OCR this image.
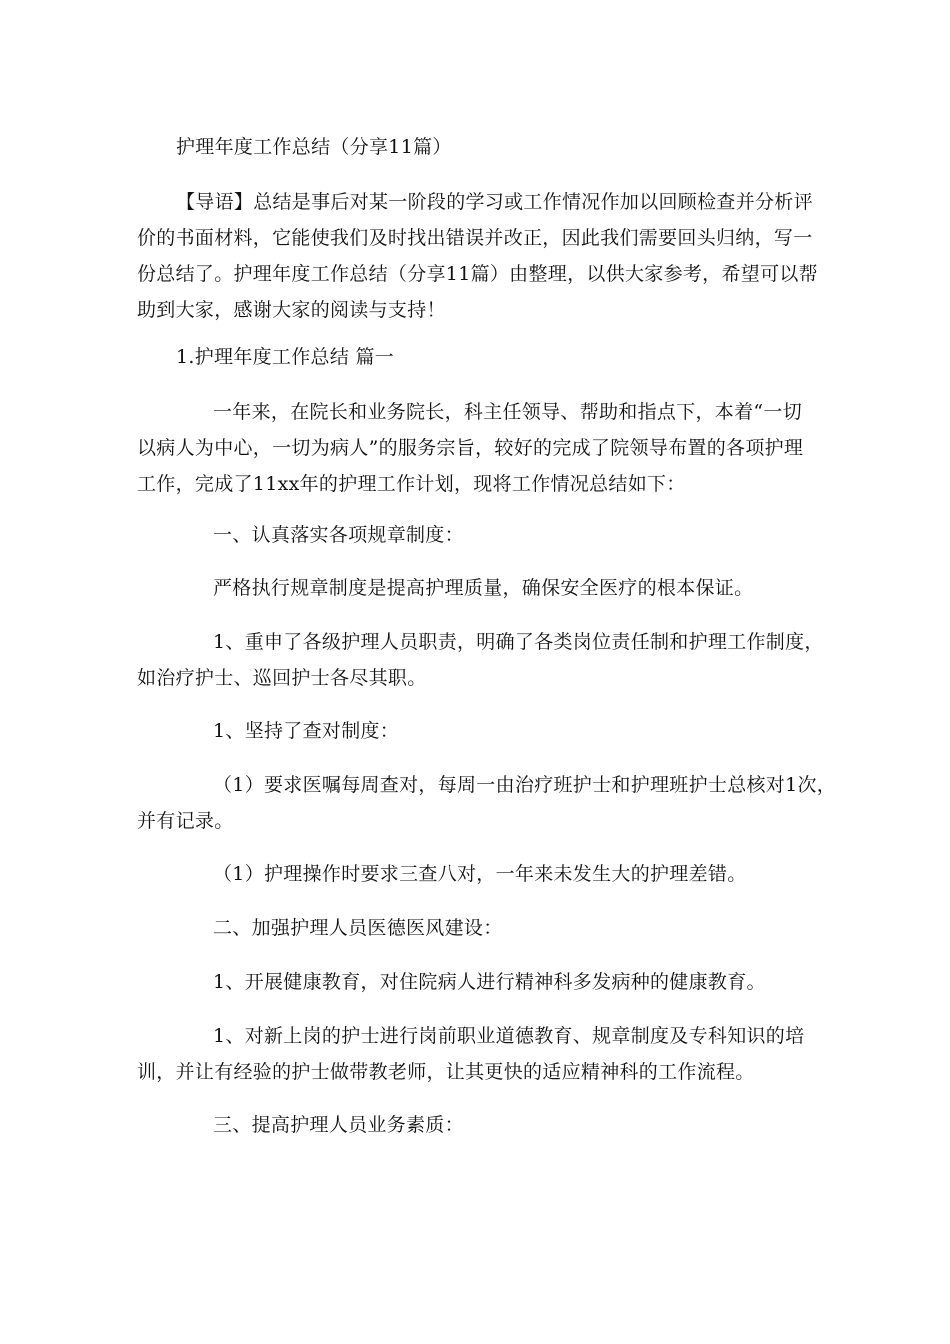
护理年度工作总结（分享11篇）
【导语】总结是事后对某一阶段的学习或工作情况作加以回顾检查并分析评
价的书面材料，它能使我们及时找出错误并改正，因此我们需要回头归纳，写一
份总结了。护理年度工作总结（分享11篇）由整理，以供大家参考，希望可以帮
助到大家，感谢大家的阅读与支持！
1.护理年度工作总结 篇一
一年来，在院长和业务院长，科主任领导、帮助和指点下，本着“一切
以病人为中心，一切为病人”的服务宗旨，较好的完成了院领导布置的各项护理
工作，完成了11xx年的护理工作计划，现将工作情况总结如下：
一、认真落实各项规章制度：
严格执行规章制度是提高护理质量，确保安全医疗的根本保证。
1、重申了各级护理人员职责，明确了各类岗位责任制和护理工作制度，
如治疗护士、巡回护士各尽其职。
1、坚持了查对制度：
（1）要求医嘱每周查对，每周一由治疗班护士和护理班护士总核对1次，
并有记录。
（1）护理操作时要求三查八对，一年来未发生大的护理差错。
二、加强护理人员医德医风建设：
1、开展健康教育，对住院病人进行精神科多发病种的健康教育。
1、对新上岗的护士进行岗前职业道德教育、规章制度及专科知识的培
训，并让有经验的护士做带教老师，让其更快的适应精神科的工作流程。
三、提高护理人员业务素质：
